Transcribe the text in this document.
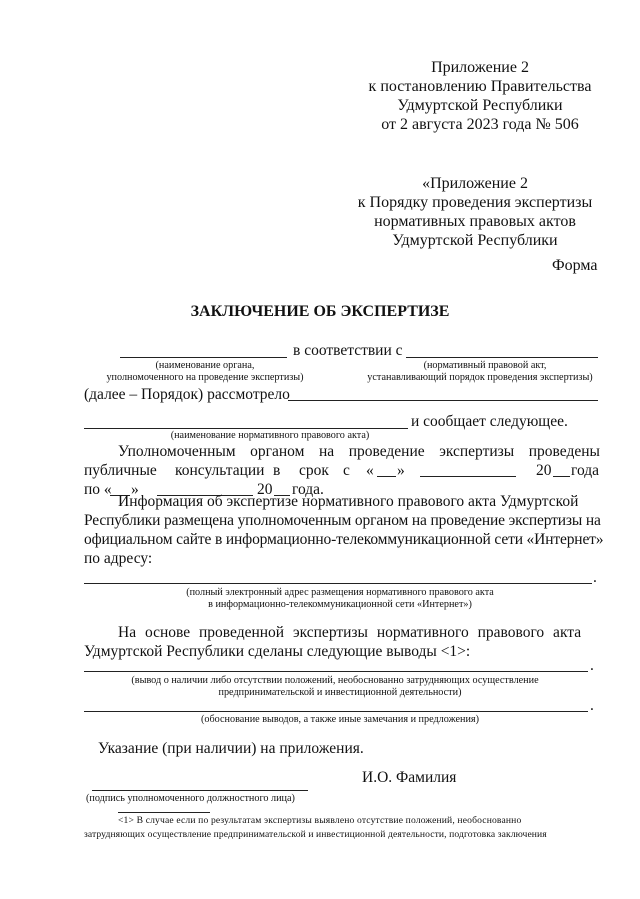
Приложение 2
к постановлению Правительства
Удмуртской Республики
от 2 августа 2023 года № 506
«Приложение 2
к Порядку проведения экспертизы
нормативных правовых актов
Удмуртской Республики
Форма
ЗАКЛЮЧЕНИЕ ОБ ЭКСПЕРТИЗЕ
в соответствии с
(наименование органа,
уполномоченного на проведение экспертизы)
(нормативный правовой акт,
устанавливающий порядок проведения экспертизы)
(далее – Порядок) рассмотрело
и сообщает следующее.
(наименование нормативного правового акта)
Уполномоченным органом на проведение экспертизы проведены
публичные консультации в срок с « »	20 года
по « »	20 года.
Информация об экспертизе нормативного правового акта Удмуртской
Республики размещена уполномоченным органом на проведение экспертизы на
официальном сайте в информационно-телекоммуникационной сети «Интернет»
по адресу:
.
(полный электронный адрес размещения нормативного правового акта
в информационно-телекоммуникационной сети «Интернет»)
На основе проведенной экспертизы нормативного правового акта
Удмуртской Республики сделаны следующие выводы <1>:
.
(вывод о наличии либо отсутствии положений, необоснованно затрудняющих осуществление
предпринимательской и инвестиционной деятельности)
.
(обоснование выводов, а также иные замечания и предложения)
Указание (при наличии) на приложения.
И.О. Фамилия
(подпись уполномоченного должностного лица)
<1> В случае если по результатам экспертизы выявлено отсутствие положений, необоснованно
затрудняющих осуществление предпринимательской и инвестиционной деятельности, подготовка заключения
